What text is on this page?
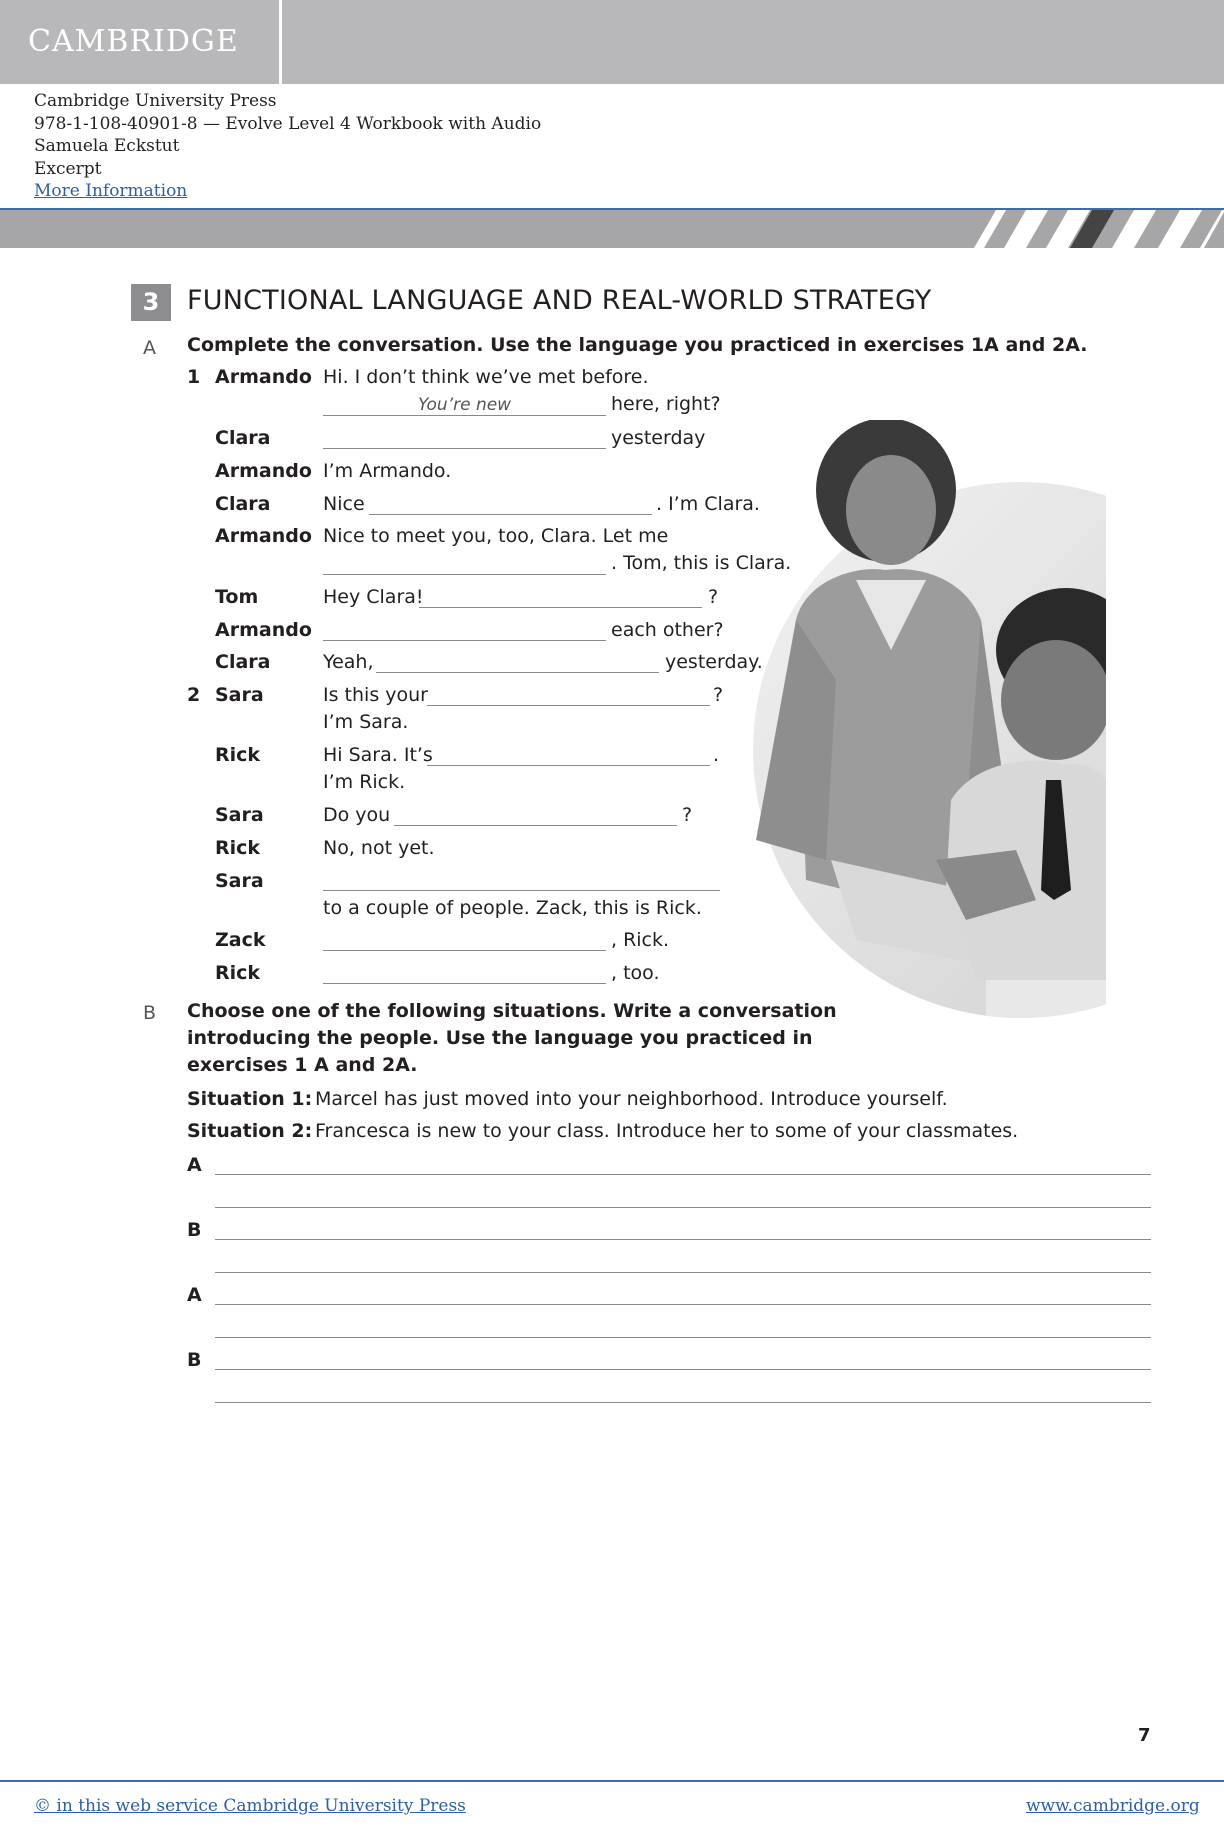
CAMBRIDGE
Cambridge University Press
978-1-108-40901-8 — Evolve Level 4 Workbook with Audio
Samuela Eckstut
Excerpt
More Information
3	FUNCTIONAL LANGUAGE AND REAL-WORLD STRATEGY
A Complete the conversation. Use the language you practiced in exercises 1A and 2A.
1 Armando Hi. I don’t think we’ve met before.
You’re new	here, right?
Clara	yesterday
Armando I’m Armando.
Clara	Nice	. I’m Clara.
Armando Nice to meet you, too, Clara. Let me
. Tom, this is Clara.
Tom	Hey Clara!	?
Armando	each other?
Clara	Yeah,	yesterday.
2 Sara	Is this your	?
I’m Sara.
Rick	Hi Sara. It’s	.
I’m Rick.
Sara	Do you	?
Rick	No, not yet.
Sara
to a couple of people. Zack, this is Rick.
Zack	, Rick.
Rick	, too.
B Choose one of the following situations. Write a conversation
introducing the people. Use the language you practiced in
exercises 1 A and 2A.
Situation 1: Marcel has just moved into your neighborhood. Introduce yourself.
Situation 2: Francesca is new to your class. Introduce her to some of your classmates.
A
B
A
B
7
© in this web service Cambridge University Press	www.cambridge.org
